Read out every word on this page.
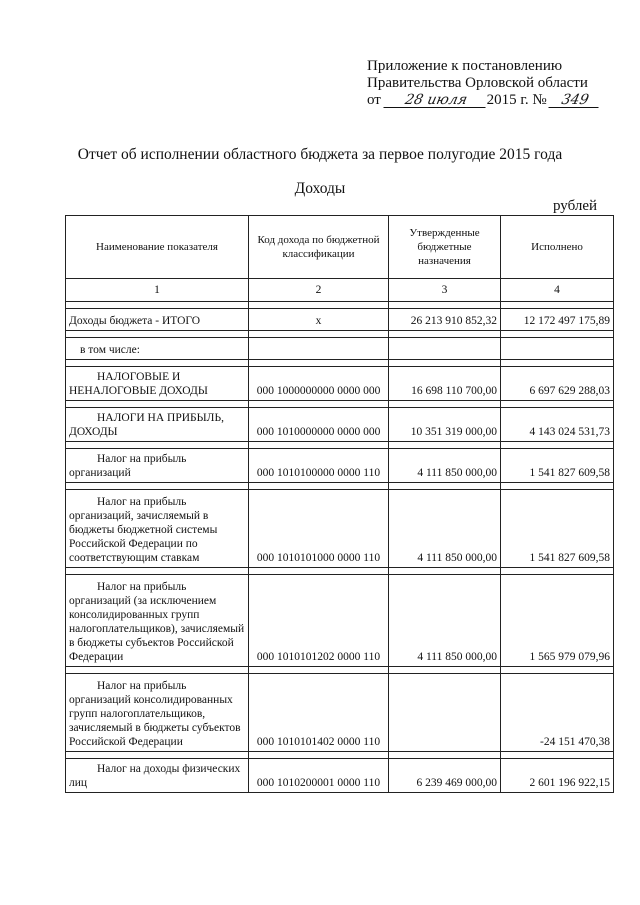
Приложение к постановлению
Правительства Орловской области
от 28 июля 2015 г. № 349
Отчет об исполнении областного бюджета за первое полугодие 2015 года
Доходы
рублей
Наименование показателя	Код дохода по бюджетной классификации	Утвержденные бюджетные назначения	Исполнено
1	2	3	4

Доходы бюджета - ИТОГО	x	26 213 910 852,32	12 172 497 175,89

в том числе:			

НАЛОГОВЫЕ И НЕНАЛОГОВЫЕ ДОХОДЫ	000 1000000000 0000 000	16 698 110 700,00	6 697 629 288,03

НАЛОГИ НА ПРИБЫЛЬ, ДОХОДЫ	000 1010000000 0000 000	10 351 319 000,00	4 143 024 531,73

Налог на прибыль организаций	000 1010100000 0000 110	4 111 850 000,00	1 541 827 609,58

Налог на прибыль организаций, зачисляемый в бюджеты бюджетной системы Российской Федерации по соответствующим ставкам	000 1010101000 0000 110	4 111 850 000,00	1 541 827 609,58

Налог на прибыль организаций (за исключением консолидированных групп налогоплательщиков), зачисляемый в бюджеты субъектов Российской Федерации	000 1010101202 0000 110	4 111 850 000,00	1 565 979 079,96

Налог на прибыль организаций консолидированных групп налогоплательщиков, зачисляемый в бюджеты субъектов Российской Федерации	000 1010101402 0000 110		-24 151 470,38

Налог на доходы физических лиц	000 1010200001 0000 110	6 239 469 000,00	2 601 196 922,15
